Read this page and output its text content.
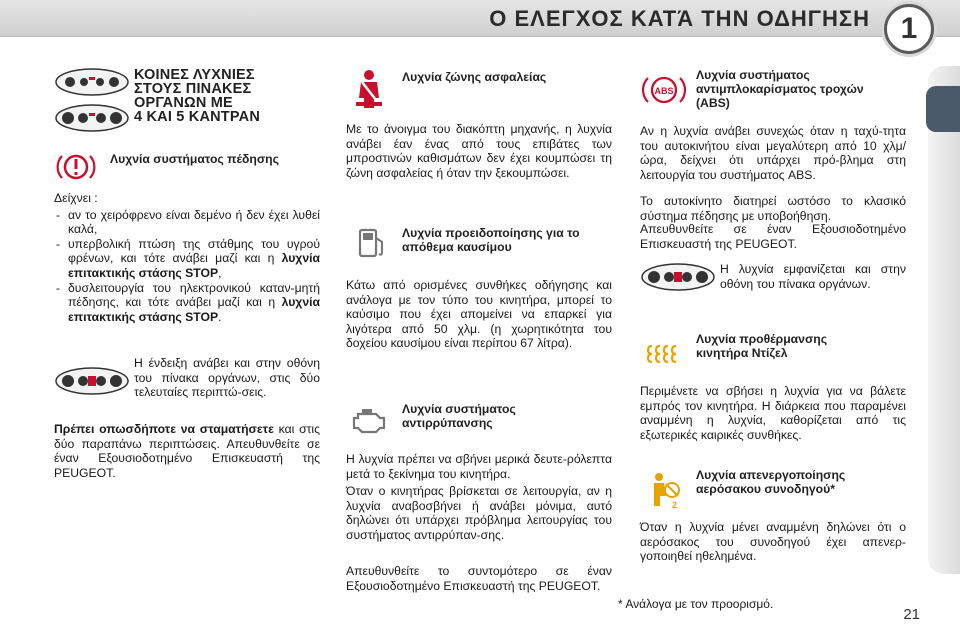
Ο ΕΛΕΓΧΟΣ ΚΑΤΆ ΤΗΝ ΟΔΗΓΗΣΗ	1
ΚΟΙΝΕΣ ΛΥΧΝΙΕΣ
ΣΤΟΥΣ ΠΙΝΑΚΕΣ
ΟΡΓΑΝΩΝ ΜΕ
4 ΚΑΙ 5 ΚΑΝΤΡΑΝ
Λυχνία συστήματος πέδησης

Δείχνει :

- αν το χειρόφρενο είναι δεμένο ή δεν έχει λυθεί καλά,
- υπερβολική πτώση της στάθμης του υγρού φρένων, και τότε ανάβει μαζί και η λυχνία επιτακτικής στάσης STOP,
- δυσλειτουργία του ηλεκτρονικού καταν-μητή πέδησης, και τότε ανάβει μαζί και η λυχνία επιτακτικής στάσης STOP.

Η ένδειξη ανάβει και στην οθόνη του πίνακα οργάνων, στις δύο τελευταίες περιπτώ-σεις.

Πρέπει οπωσδήποτε να σταματήσετε και στις δύο παραπάνω περιπτώσεις. Απευθυνθείτε σε έναν Εξουσιοδοτημένο Επισκευαστή της PEUGEOT.

Λυχνία ζώνης ασφαλείας

Με το άνοιγμα του διακόπτη μηχανής, η λυχνία ανάβει έαν ένας από τους επιβάτες των μπροστινών καθισμάτων δεν έχει κουμπώσει τη ζώνη ασφαλείας ή όταν την ξεκουμπώσει.

Λυχνία προειδοποίησης για το
απόθεμα καυσίμου

Κάτω από ορισμένες συνθήκες οδήγησης και ανάλογα με τον τύπο του κινητήρα, μπορεί το καύσιμο που έχει απομείνει να επαρκεί για λιγότερα από 50 χλμ. (η χωρητικότητα του δοχείου καυσίμου είναι περίπου 67 λίτρα).

Λυχνία συστήματος
αντιρρύπανσης

Η λυχνία πρέπει να σβήνει μερικά δευτε-ρόλεπτα μετά το ξεκίνημα του κινητήρα.

Όταν ο κινητήρας βρίσκεται σε λειτουργία, αν η λυχνία αναβοσβήνει ή ανάβει μόνιμα, αυτό δηλώνει ότι υπάρχει πρόβλημα λειτουργίας του συστήματος αντιρρύπαν-σης.

Απευθυνθείτε το συντομότερο σε έναν Εξουσιοδοτημένο Επισκευαστή της PEUGEOT.

ABS
Λυχνία συστήματος
αντιμπλοκαρίσματος τροχών
(ABS)

Αν η λυχνία ανάβει συνεχώς όταν η ταχύ-τητα του αυτοκινήτου είναι μεγαλύτερη από 10 χλμ/ώρα, δείχνει ότι υπάρχει πρό-βλημα στη λειτουργία του συστήματος ABS.

Το αυτοκίνητο διατηρεί ωστόσο το κλασικό σύστημα πέδησης με υποβοήθηση.

Απευθυνθείτε σε έναν Εξουσιοδοτημένο Επισκευαστή της PEUGEOT.

Η λυχνία εμφανίζεται και στην οθόνη του πίνακα οργάνων.

Λυχνία προθέρμανσης
κινητήρα Ντίζελ

Περιμένετε να σβήσει η λυχνία για να βάλετε εμπρός τον κινητήρα. Η διάρκεια που παραμένει αναμμένη η λυχνία, καθορίζεται από τις εξωτερικές καιρικές συνθήκες.

2
Λυχνία απενεργοποίησης
αερόσακου συνοδηγού*

Όταν η λυχνία μένει αναμμένη δηλώνει ότι ο αερόσακος του συνοδηγού έχει απενερ-γοποιηθεί ηθελημένα.

* Ανάλογα με τον προορισμό.
21
